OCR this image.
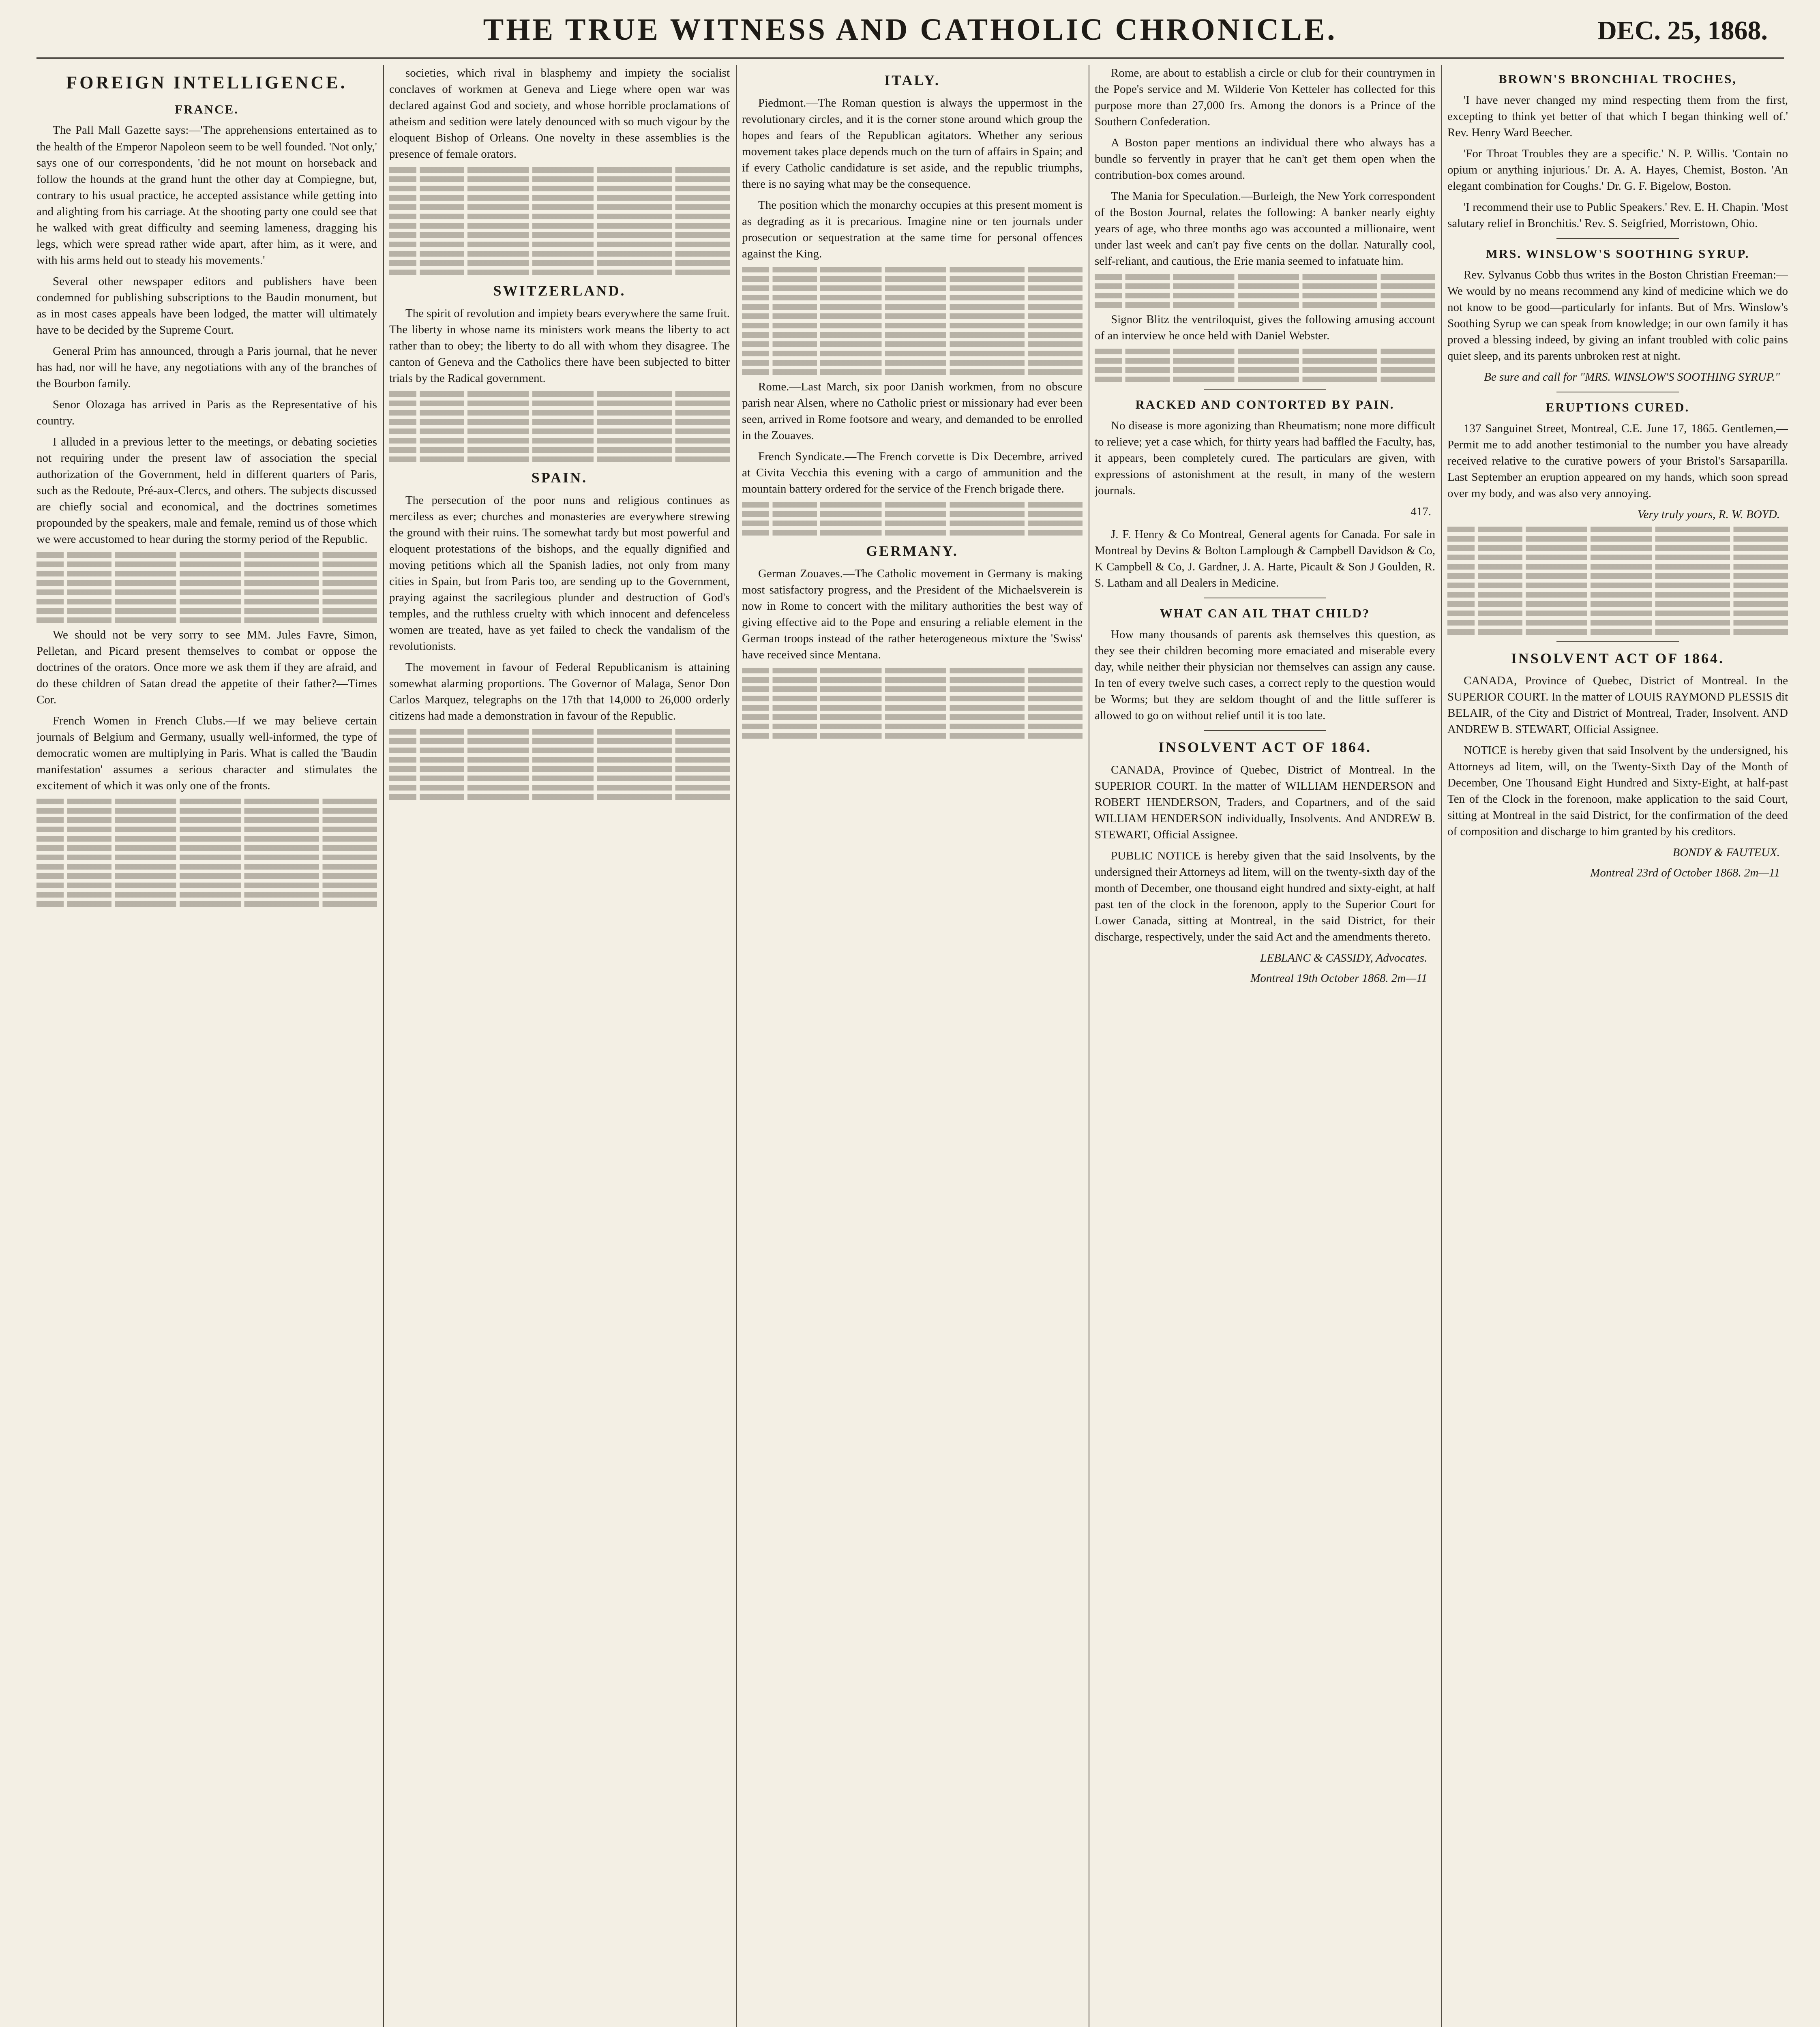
THE TRUE WITNESS AND CATHOLIC CHRONICLE.	DEC. 25, 1868.
FOREIGN INTELLIGENCE.
FRANCE.

The Pall Mall Gazette says:—'The apprehensions entertained as to the health of the Emperor Napoleon seem to be well founded. 'Not only,' says one of our correspondents, 'did he not mount on horseback and follow the hounds at the grand hunt the other day at Compiegne, but, contrary to his usual practice, he accepted assistance while getting into and alighting from his carriage. At the shooting party one could see that he walked with great difficulty and seeming lameness, dragging his legs, which were spread rather wide apart, after him, as it were, and with his arms held out to steady his movements.'

Several other newspaper editors and publishers have been condemned for publishing subscriptions to the Baudin monument, but as in most cases appeals have been lodged, the matter will ultimately have to be decided by the Supreme Court.

General Prim has announced, through a Paris journal, that he never has had, nor will he have, any negotiations with any of the branches of the Bourbon family.

Senor Olozaga has arrived in Paris as the Representative of his country.

I alluded in a previous letter to the meetings, or debating societies not requiring under the present law of association the special authorization of the Government, held in different quarters of Paris, such as the Redoute, Pré-aux-Clercs, and others. The subjects discussed are chiefly social and economical, and the doctrines sometimes propounded by the speakers, male and female, remind us of those which we were accustomed to hear during the stormy period of the Republic.

We should not be very sorry to see MM. Jules Favre, Simon, Pelletan, and Picard present themselves to combat or oppose the doctrines of the orators. Once more we ask them if they are afraid, and do these children of Satan dread the appetite of their father?—Times Cor.

French Women in French Clubs.—If we may believe certain journals of Belgium and Germany, usually well-informed, the type of democratic women are multiplying in Paris. What is called the 'Baudin manifestation' assumes a serious character and stimulates the excitement of which it was only one of the fronts.

societies, which rival in blasphemy and impiety the socialist conclaves of workmen at Geneva and Liege where open war was declared against God and society, and whose horrible proclamations of atheism and sedition were lately denounced with so much vigour by the eloquent Bishop of Orleans. One novelty in these assemblies is the presence of female orators.

SWITZERLAND.

The spirit of revolution and impiety bears everywhere the same fruit. The liberty in whose name its ministers work means the liberty to act rather than to obey; the liberty to do all with whom they disagree. The canton of Geneva and the Catholics there have been subjected to bitter trials by the Radical government.

SPAIN.

The persecution of the poor nuns and religious continues as merciless as ever; churches and monasteries are everywhere strewing the ground with their ruins. The somewhat tardy but most powerful and eloquent protestations of the bishops, and the equally dignified and moving petitions which all the Spanish ladies, not only from many cities in Spain, but from Paris too, are sending up to the Government, praying against the sacrilegious plunder and destruction of God's temples, and the ruthless cruelty with which innocent and defenceless women are treated, have as yet failed to check the vandalism of the revolutionists.

The movement in favour of Federal Republicanism is attaining somewhat alarming proportions. The Governor of Malaga, Senor Don Carlos Marquez, telegraphs on the 17th that 14,000 to 26,000 orderly citizens had made a demonstration in favour of the Republic.

ITALY.

Piedmont.—The Roman question is always the uppermost in the revolutionary circles, and it is the corner stone around which group the hopes and fears of the Republican agitators. Whether any serious movement takes place depends much on the turn of affairs in Spain; and if every Catholic candidature is set aside, and the republic triumphs, there is no saying what may be the consequence.

The position which the monarchy occupies at this present moment is as degrading as it is precarious. Imagine nine or ten journals under prosecution or sequestration at the same time for personal offences against the King.

Rome.—Last March, six poor Danish workmen, from no obscure parish near Alsen, where no Catholic priest or missionary had ever been seen, arrived in Rome footsore and weary, and demanded to be enrolled in the Zouaves.

French Syndicate.—The French corvette is Dix Decembre, arrived at Civita Vecchia this evening with a cargo of ammunition and the mountain battery ordered for the service of the French brigade there.

GERMANY.

German Zouaves.—The Catholic movement in Germany is making most satisfactory progress, and the President of the Michaelsverein is now in Rome to concert with the military authorities the best way of giving effective aid to the Pope and ensuring a reliable element in the German troops instead of the rather heterogeneous mixture the 'Swiss' have received since Mentana.

Rome, are about to establish a circle or club for their countrymen in the Pope's service and M. Wilderie Von Ketteler has collected for this purpose more than 27,000 frs. Among the donors is a Prince of the Southern Confederation.

A Boston paper mentions an individual there who always has a bundle so fervently in prayer that he can't get them open when the contribution-box comes around.

The Mania for Speculation.—Burleigh, the New York correspondent of the Boston Journal, relates the following: A banker nearly eighty years of age, who three months ago was accounted a millionaire, went under last week and can't pay five cents on the dollar. Naturally cool, self-reliant, and cautious, the Erie mania seemed to infatuate him.

Signor Blitz the ventriloquist, gives the following amusing account of an interview he once held with Daniel Webster.

RACKED AND CONTORTED BY PAIN.

No disease is more agonizing than Rheumatism; none more difficult to relieve; yet a case which, for thirty years had baffled the Faculty, has, it appears, been completely cured. The particulars are given, with expressions of astonishment at the result, in many of the western journals.

417.

J. F. Henry & Co Montreal, General agents for Canada. For sale in Montreal by Devins & Bolton Lamplough & Campbell Davidson & Co, K Campbell & Co, J. Gardner, J. A. Harte, Picault & Son J Goulden, R. S. Latham and all Dealers in Medicine.

WHAT CAN AIL THAT CHILD?

How many thousands of parents ask themselves this question, as they see their children becoming more emaciated and miserable every day, while neither their physician nor themselves can assign any cause. In ten of every twelve such cases, a correct reply to the question would be Worms; but they are seldom thought of and the little sufferer is allowed to go on without relief until it is too late.

INSOLVENT ACT OF 1864.

CANADA, Province of Quebec, District of Montreal. In the SUPERIOR COURT. In the matter of WILLIAM HENDERSON and ROBERT HENDERSON, Traders, and Copartners, and of the said WILLIAM HENDERSON individually, Insolvents. And ANDREW B. STEWART, Official Assignee.

PUBLIC NOTICE is hereby given that the said Insolvents, by the undersigned their Attorneys ad litem, will on the twenty-sixth day of the month of December, one thousand eight hundred and sixty-eight, at half past ten of the clock in the forenoon, apply to the Superior Court for Lower Canada, sitting at Montreal, in the said District, for their discharge, respectively, under the said Act and the amendments thereto.

LEBLANC & CASSIDY, Advocates.
Montreal 19th October 1868. 2m—11
BROWN'S BRONCHIAL TROCHES,

'I have never changed my mind respecting them from the first, excepting to think yet better of that which I began thinking well of.' Rev. Henry Ward Beecher.

'For Throat Troubles they are a specific.' N. P. Willis. 'Contain no opium or anything injurious.' Dr. A. A. Hayes, Chemist, Boston. 'An elegant combination for Coughs.' Dr. G. F. Bigelow, Boston.

'I recommend their use to Public Speakers.' Rev. E. H. Chapin. 'Most salutary relief in Bronchitis.' Rev. S. Seigfried, Morristown, Ohio.

MRS. WINSLOW'S SOOTHING SYRUP.

Rev. Sylvanus Cobb thus writes in the Boston Christian Freeman:—We would by no means recommend any kind of medicine which we do not know to be good—particularly for infants. But of Mrs. Winslow's Soothing Syrup we can speak from knowledge; in our own family it has proved a blessing indeed, by giving an infant troubled with colic pains quiet sleep, and its parents unbroken rest at night.

Be sure and call for "MRS. WINSLOW'S SOOTHING SYRUP."
ERUPTIONS CURED.

137 Sanguinet Street, Montreal, C.E. June 17, 1865. Gentlemen,—Permit me to add another testimonial to the number you have already received relative to the curative powers of your Bristol's Sarsaparilla. Last September an eruption appeared on my hands, which soon spread over my body, and was also very annoying.

Very truly yours, R. W. BOYD.
INSOLVENT ACT OF 1864.

CANADA, Province of Quebec, District of Montreal. In the SUPERIOR COURT. In the matter of LOUIS RAYMOND PLESSIS dit BELAIR, of the City and District of Montreal, Trader, Insolvent. AND ANDREW B. STEWART, Official Assignee.

NOTICE is hereby given that said Insolvent by the undersigned, his Attorneys ad litem, will, on the Twenty-Sixth Day of the Month of December, One Thousand Eight Hundred and Sixty-Eight, at half-past Ten of the Clock in the forenoon, make application to the said Court, sitting at Montreal in the said District, for the confirmation of the deed of composition and discharge to him granted by his creditors.

BONDY & FAUTEUX.
Montreal 23rd of October 1868. 2m—11
